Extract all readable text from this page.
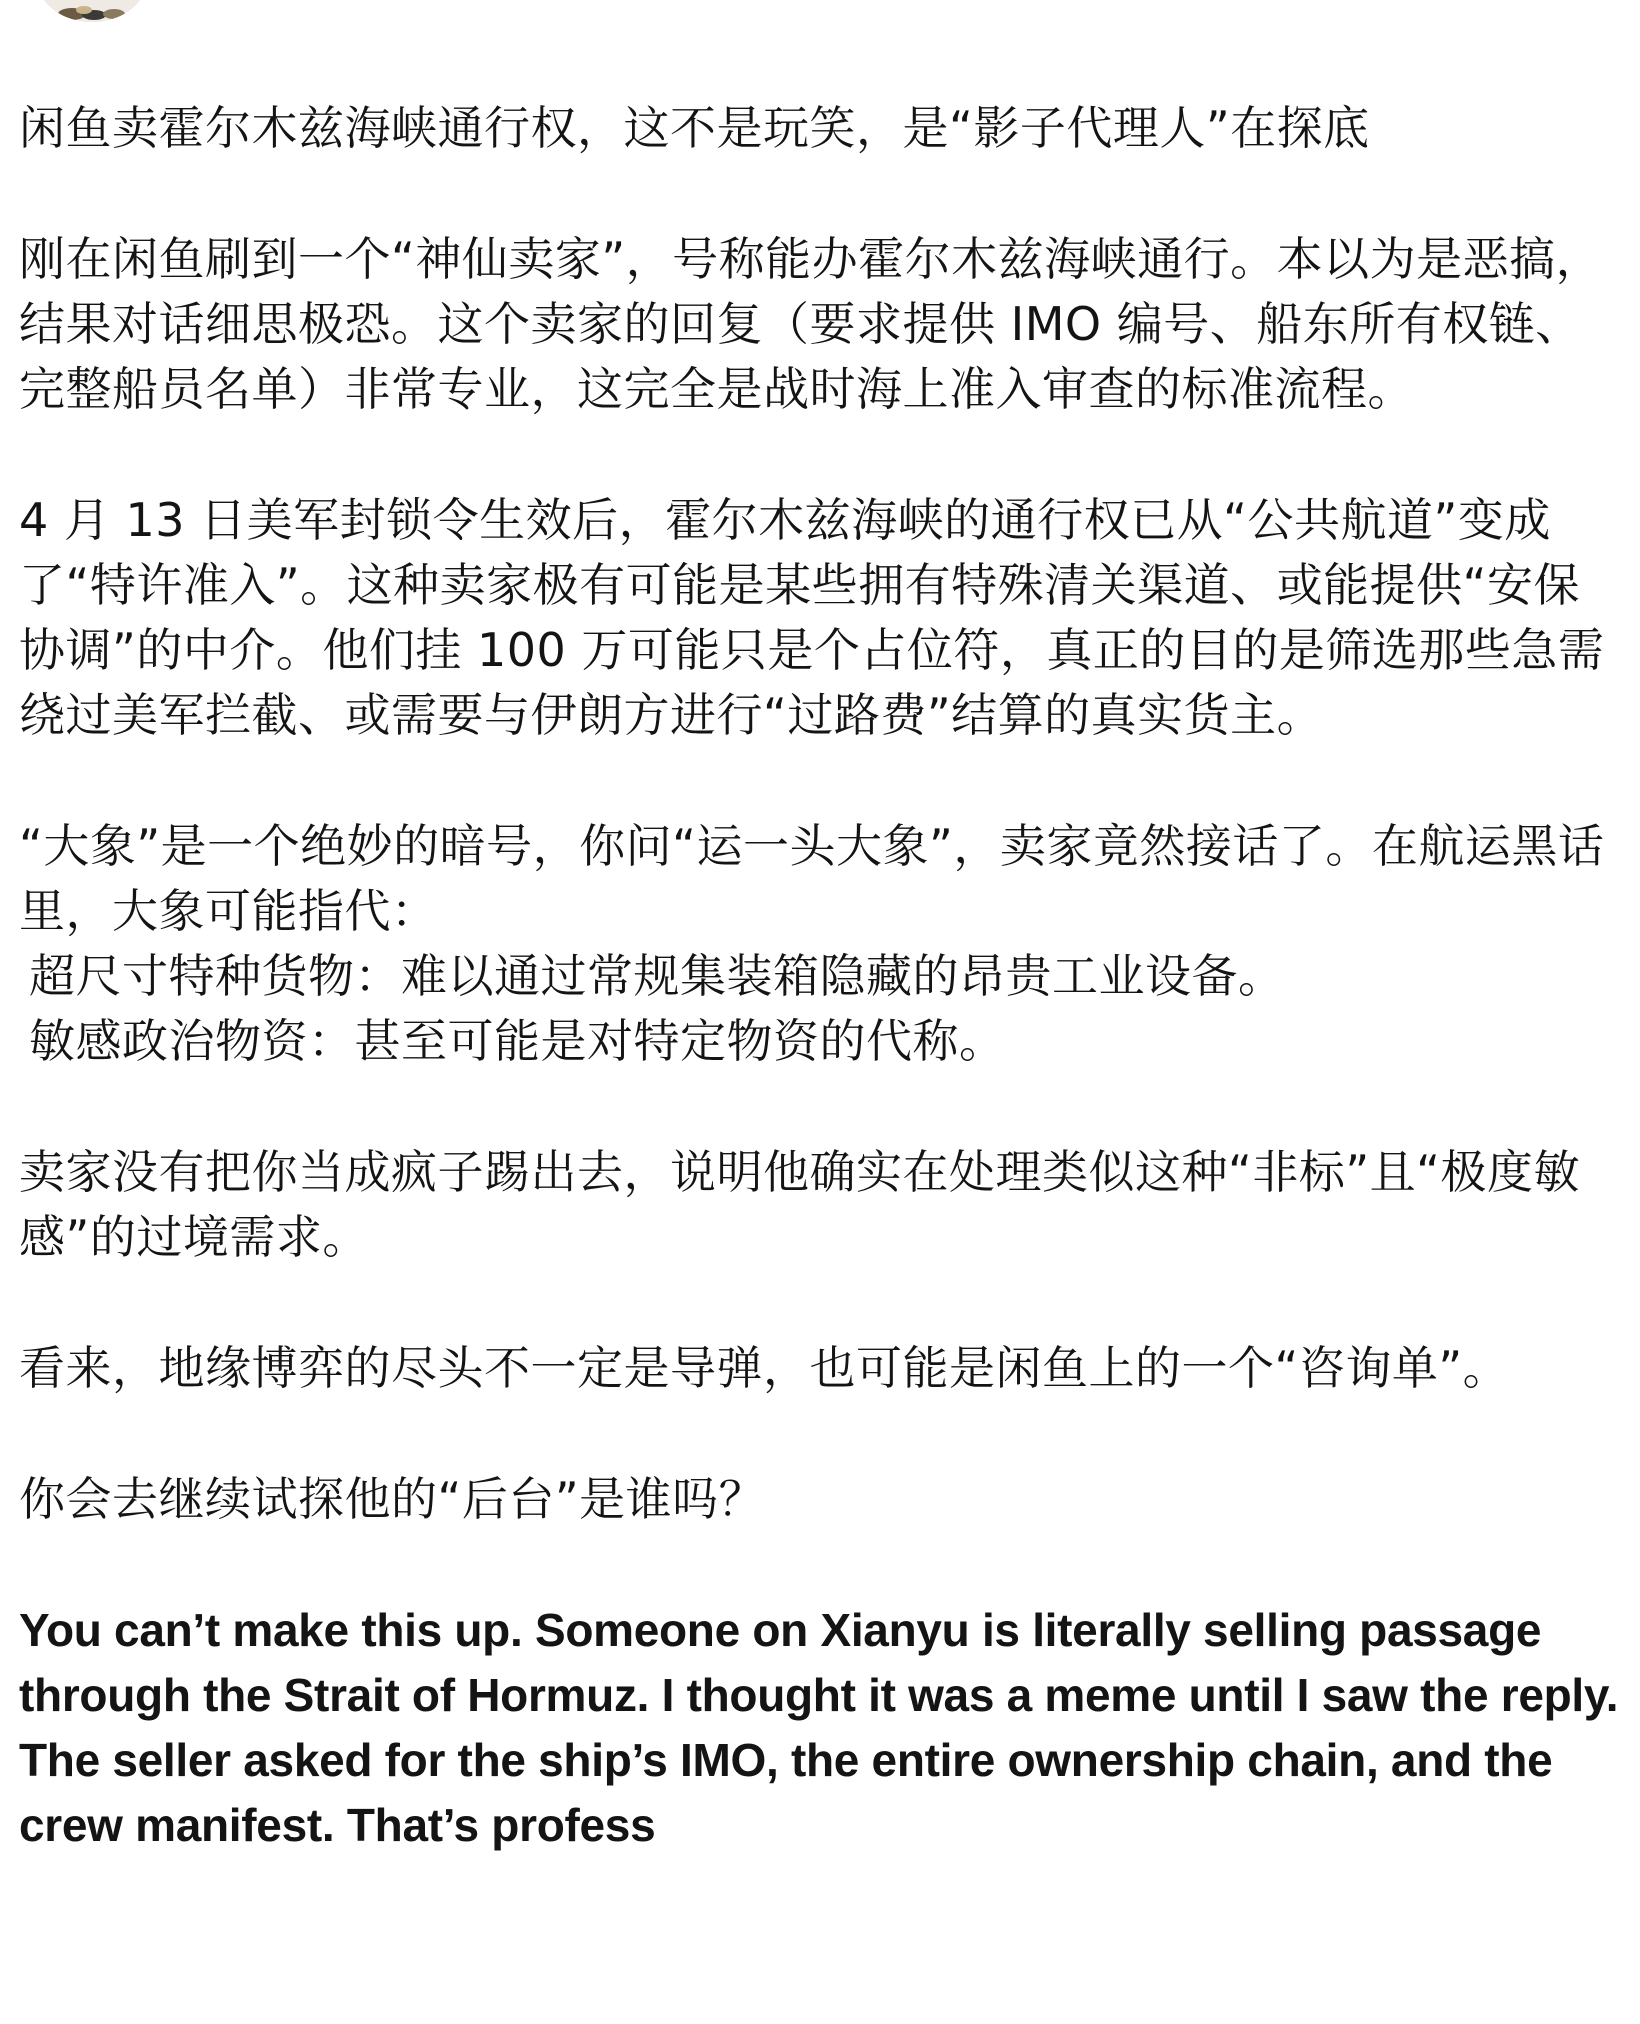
闲鱼卖霍尔木兹海峡通行权，这不是玩笑，是“影子代理人”在探底

刚在闲鱼刷到一个“神仙卖家”，号称能办霍尔木兹海峡通行。本以为是恶搞，结果对话细思极恐。这个卖家的回复（要求提供 IMO 编号、船东所有权链、完整船员名单）非常专业，这完全是战时海上准入审查的标准流程。

4 月 13 日美军封锁令生效后，霍尔木兹海峡的通行权已从“公共航道”变成了“特许准入”。这种卖家极有可能是某些拥有特殊清关渠道、或能提供“安保协调”的中介。他们挂 100 万可能只是个占位符，真正的目的是筛选那些急需绕过美军拦截、或需要与伊朗方进行“过路费”结算的真实货主。

“大象”是一个绝妙的暗号，你问“运一头大象”，卖家竟然接话了。在航运黑话里，大象可能指代：

超尺寸特种货物：难以通过常规集装箱隐藏的昂贵工业设备。

敏感政治物资：甚至可能是对特定物资的代称。

卖家没有把你当成疯子踢出去，说明他确实在处理类似这种“非标”且“极度敏感”的过境需求。

看来，地缘博弈的尽头不一定是导弹，也可能是闲鱼上的一个“咨询单”。

你会去继续试探他的“后台”是谁吗？

You can’t make this up. Someone on Xianyu is literally selling passage through the Strait of Hormuz. I thought it was a meme until I saw the reply. The seller asked for the ship’s IMO, the entire ownership chain, and the crew manifest. That’s profess
